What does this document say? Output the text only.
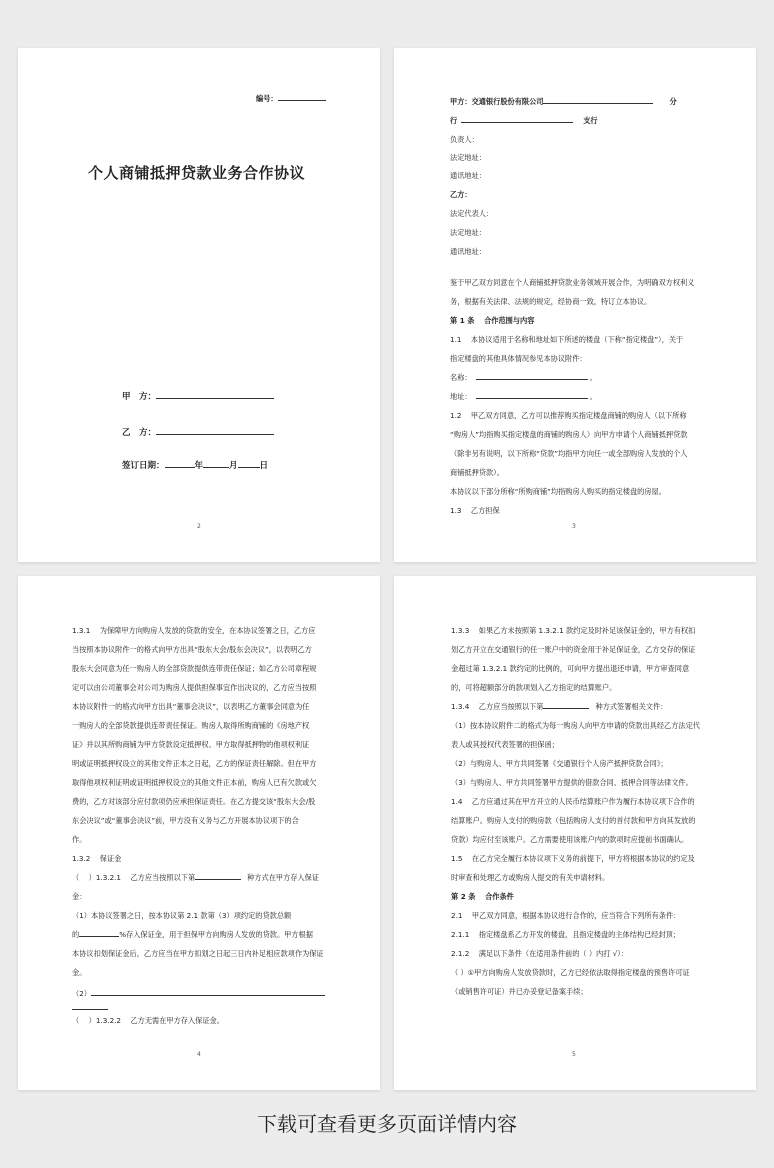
编号：
个人商铺抵押贷款业务合作协议
甲　方：
乙　方：
签订日期：	年	月	日
2
甲方：交通银行股份有限公司	分
行	支行
负责人：
法定地址：
通讯地址：
乙方：
法定代表人：
法定地址：
通讯地址：
鉴于甲乙双方同意在个人商铺抵押贷款业务领域开展合作，为明确双方权利义
务，根据有关法律、法规的规定，经协商一致，特订立本协议。
第 1 条　 合作范围与内容
1.1　 本协议适用于名称和地址如下所述的楼盘（下称“指定楼盘”），关于
指定楼盘的其他具体情况参见本协议附件：
名称：	。
地址：	。
1.2　 甲乙双方同意，乙方可以推荐购买指定楼盘商铺的购房人（以下所称
“购房人”均指购买指定楼盘的商铺的购房人）向甲方申请个人商铺抵押贷款
（除非另有说明，以下所称“贷款”均指甲方向任一或全部购房人发放的个人
商铺抵押贷款）。
本协议以下部分所称“所购商铺”均指购房人购买的指定楼盘的房屋。
1.3　 乙方担保
3
1.3.1　 为保障甲方向购房人发放的贷款的安全，在本协议签署之日，乙方应
当按照本协议附件一的格式向甲方出具“股东大会/股东会决议”，以表明乙方
股东大会同意为任一购房人的全部贷款提供连带责任保证；如乙方公司章程规
定可以由公司董事会对公司为购房人提供担保事宜作出决议的，乙方应当按照
本协议附件一的格式向甲方出具“董事会决议”，以表明乙方董事会同意为任
一购房人的全部贷款提供连带责任保证。购房人取得所购商铺的《房地产权
证》并以其所购商铺为甲方贷款设定抵押权、甲方取得抵押物的他项权利证
明或证明抵押权设立的其他文件正本之日起，乙方的保证责任解除。但在甲方
取得他项权利证明或证明抵押权设立的其他文件正本前，购房人已有欠款或欠
费的，乙方对该部分应付款项仍应承担保证责任。在乙方提交该“股东大会/股
东会决议”或“董事会决议”前，甲方没有义务与乙方开展本协议项下的合
作。
1.3.2　 保证金
（　 ）1.3.2.1　 乙方应当按照以下第	种方式在甲方存入保证
金：
（1）本协议签署之日，按本协议第 2.1 款第（3）项约定的贷款总额
的	%存入保证金，用于担保甲方向购房人发放的贷款。甲方根据
本协议扣划保证金后，乙方应当在甲方扣划之日起三日内补足相应款项作为保证
金。
（2）
（　 ）1.3.2.2　 乙方无需在甲方存入保证金。
4
1.3.3　 如果乙方未按照第 1.3.2.1 款约定及时补足该保证金的，甲方有权扣
划乙方开立在交通银行的任一账户中的资金用于补足保证金，乙方交存的保证
金超过第 1.3.2.1 款约定的比例的，可向甲方提出退还申请，甲方审查同意
的，可将超额部分的款项划入乙方指定的结算账户。
1.3.4　 乙方应当按照以下第	种方式签署相关文件：
（1）按本协议附件二的格式为每一购房人向甲方申请的贷款出具经乙方法定代
表人或其授权代表签署的担保函；
（2）与购房人、甲方共同签署《交通银行个人房产抵押贷款合同》；
（3）与购房人、甲方共同签署甲方提供的借款合同、抵押合同等法律文件。
1.4　 乙方应通过其在甲方开立的人民币结算账户作为履行本协议项下合作的
结算账户。购房人支付的购房款（包括购房人支付的首付款和甲方向其发放的
贷款）均应付至该账户。乙方需要使用该账户内的款项时应提前书面确认。
1.5　 在乙方完全履行本协议项下义务的前提下，甲方将根据本协议的约定及
时审查和处理乙方或购房人提交的有关申请材料。
第 2 条　 合作条件
2.1　 甲乙双方同意，根据本协议进行合作的，应当符合下列所有条件：
2.1.1　 指定楼盘系乙方开发的楼盘，且指定楼盘的主体结构已经封顶；
2.1.2　 满足以下条件（在适用条件前的（ ）内打 √）：
（ ）①甲方向购房人发放贷款时，乙方已经依法取得指定楼盘的预售许可证
（或销售许可证）并已办妥登记备案手续；
5
下载可查看更多页面详情内容
